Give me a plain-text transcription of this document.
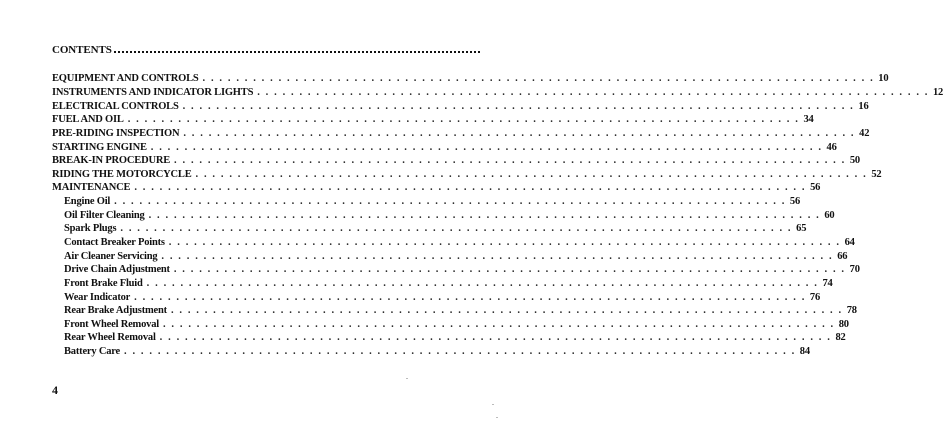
CONTENTS
EQUIPMENT AND CONTROLS . . . . . . . . . . . . . . . . . . . . . . . . . . . . . . . . . . . . . . . . . . . . . . . . . . . . . . . . . . . . . . . . . . . . . . . . . . . . . . . . 10
INSTRUMENTS AND INDICATOR LIGHTS . . . . . . . . . . . . . . . . . . . . . . . . . . . . . . . . . . . . . . . . . . . . . . . . . . . . . . . . . . . . . . . . . . . . . . . . . . . . . . . . 12
ELECTRICAL CONTROLS . . . . . . . . . . . . . . . . . . . . . . . . . . . . . . . . . . . . . . . . . . . . . . . . . . . . . . . . . . . . . . . . . . . . . . . . . . . . . . . . 16
FUEL AND OIL . . . . . . . . . . . . . . . . . . . . . . . . . . . . . . . . . . . . . . . . . . . . . . . . . . . . . . . . . . . . . . . . . . . . . . . . . . . . . . . . 34
PRE-RIDING INSPECTION . . . . . . . . . . . . . . . . . . . . . . . . . . . . . . . . . . . . . . . . . . . . . . . . . . . . . . . . . . . . . . . . . . . . . . . . . . . . . . . . 42
STARTING ENGINE . . . . . . . . . . . . . . . . . . . . . . . . . . . . . . . . . . . . . . . . . . . . . . . . . . . . . . . . . . . . . . . . . . . . . . . . . . . . . . . . 46
BREAK-IN PROCEDURE . . . . . . . . . . . . . . . . . . . . . . . . . . . . . . . . . . . . . . . . . . . . . . . . . . . . . . . . . . . . . . . . . . . . . . . . . . . . . . . . 50
RIDING THE MOTORCYCLE . . . . . . . . . . . . . . . . . . . . . . . . . . . . . . . . . . . . . . . . . . . . . . . . . . . . . . . . . . . . . . . . . . . . . . . . . . . . . . . . 52
MAINTENANCE . . . . . . . . . . . . . . . . . . . . . . . . . . . . . . . . . . . . . . . . . . . . . . . . . . . . . . . . . . . . . . . . . . . . . . . . . . . . . . . . 56
Engine Oil . . . . . . . . . . . . . . . . . . . . . . . . . . . . . . . . . . . . . . . . . . . . . . . . . . . . . . . . . . . . . . . . . . . . . . . . . . . . . . . . 56
Oil Filter Cleaning . . . . . . . . . . . . . . . . . . . . . . . . . . . . . . . . . . . . . . . . . . . . . . . . . . . . . . . . . . . . . . . . . . . . . . . . . . . . . . . . 60
Spark Plugs . . . . . . . . . . . . . . . . . . . . . . . . . . . . . . . . . . . . . . . . . . . . . . . . . . . . . . . . . . . . . . . . . . . . . . . . . . . . . . . . 65
Contact Breaker Points . . . . . . . . . . . . . . . . . . . . . . . . . . . . . . . . . . . . . . . . . . . . . . . . . . . . . . . . . . . . . . . . . . . . . . . . . . . . . . . . 64
Air Cleaner Servicing . . . . . . . . . . . . . . . . . . . . . . . . . . . . . . . . . . . . . . . . . . . . . . . . . . . . . . . . . . . . . . . . . . . . . . . . . . . . . . . . 66
Drive Chain Adjustment . . . . . . . . . . . . . . . . . . . . . . . . . . . . . . . . . . . . . . . . . . . . . . . . . . . . . . . . . . . . . . . . . . . . . . . . . . . . . . . . 70
Front Brake Fluid . . . . . . . . . . . . . . . . . . . . . . . . . . . . . . . . . . . . . . . . . . . . . . . . . . . . . . . . . . . . . . . . . . . . . . . . . . . . . . . . 74
Wear Indicator . . . . . . . . . . . . . . . . . . . . . . . . . . . . . . . . . . . . . . . . . . . . . . . . . . . . . . . . . . . . . . . . . . . . . . . . . . . . . . . . 76
Rear Brake Adjustment . . . . . . . . . . . . . . . . . . . . . . . . . . . . . . . . . . . . . . . . . . . . . . . . . . . . . . . . . . . . . . . . . . . . . . . . . . . . . . . . 78
Front Wheel Removal . . . . . . . . . . . . . . . . . . . . . . . . . . . . . . . . . . . . . . . . . . . . . . . . . . . . . . . . . . . . . . . . . . . . . . . . . . . . . . . . 80
Rear Wheel Removal . . . . . . . . . . . . . . . . . . . . . . . . . . . . . . . . . . . . . . . . . . . . . . . . . . . . . . . . . . . . . . . . . . . . . . . . . . . . . . . . 82
Battery Care . . . . . . . . . . . . . . . . . . . . . . . . . . . . . . . . . . . . . . . . . . . . . . . . . . . . . . . . . . . . . . . . . . . . . . . . . . . . . . . . 84
4
